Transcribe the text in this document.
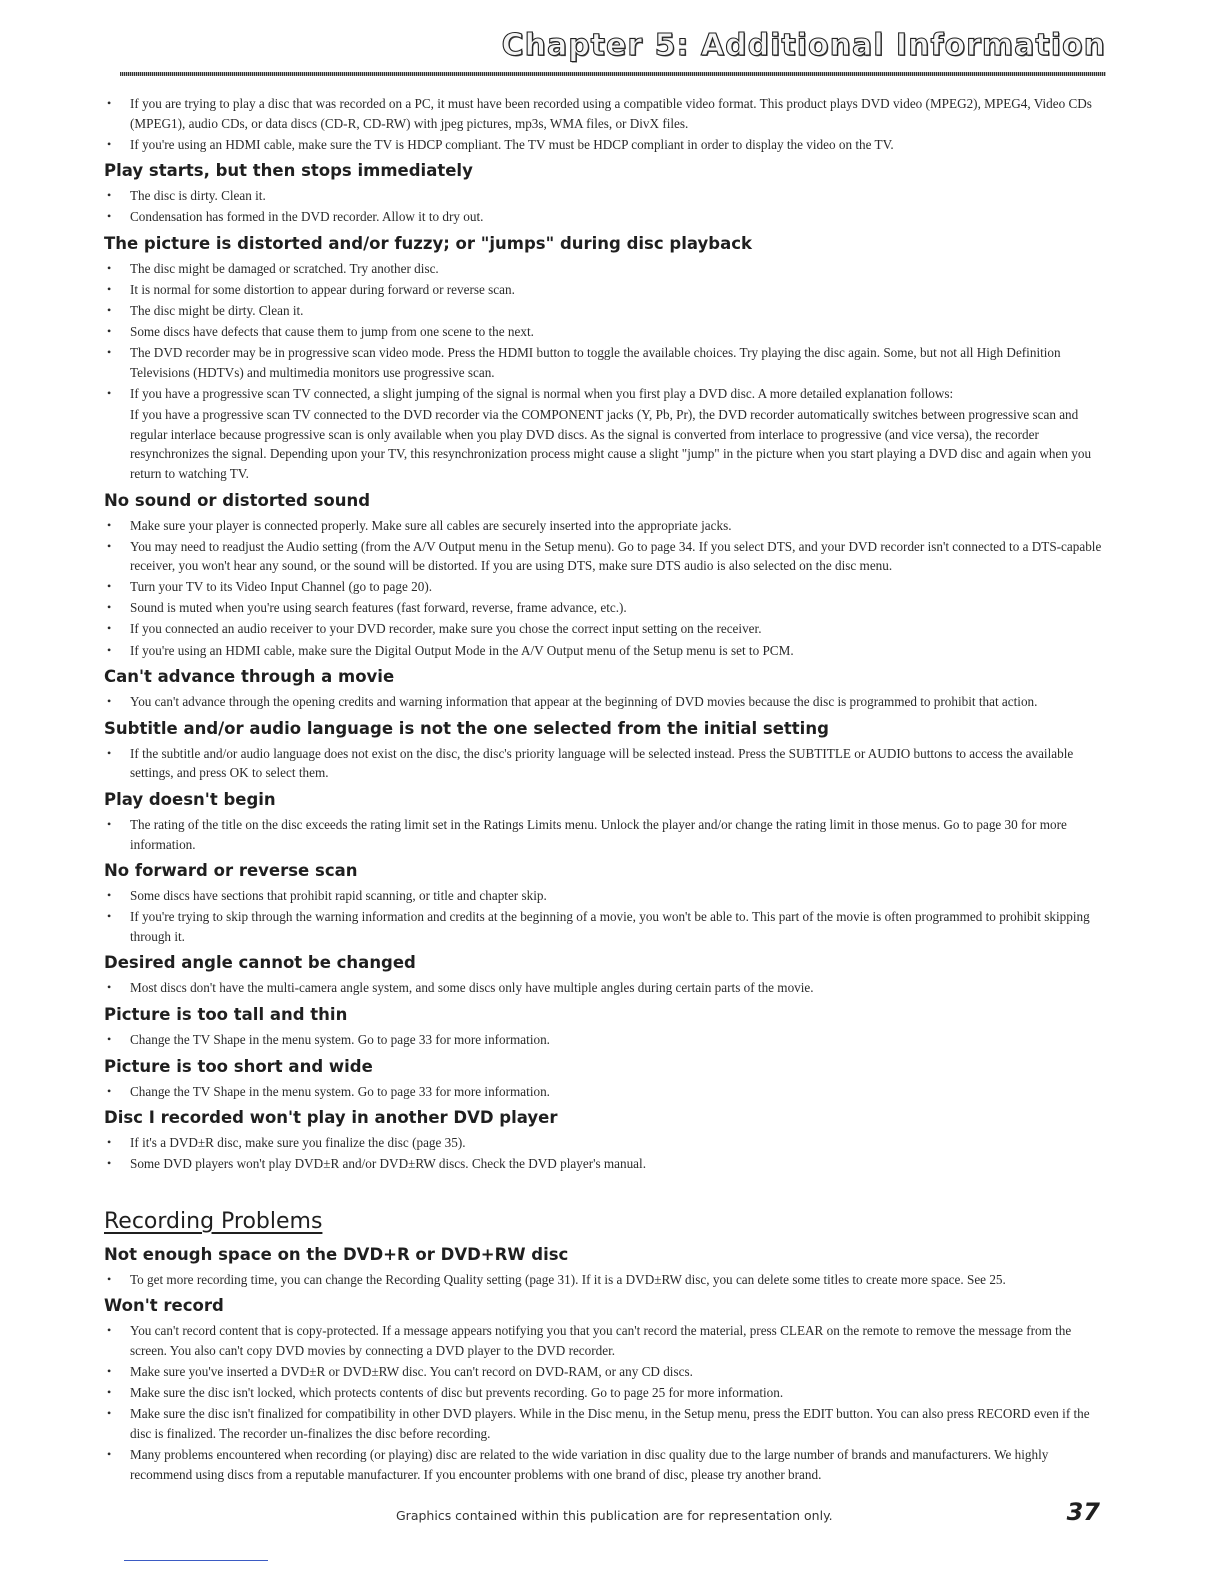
Chapter 5: Additional Information
• If you are trying to play a disc that was recorded on a PC, it must have been recorded using a compatible video format. This product plays DVD video (MPEG2), MPEG4, Video CDs (MPEG1), audio CDs, or data discs (CD-R, CD-RW) with jpeg pictures, mp3s, WMA files, or DivX files.
• If you're using an HDMI cable, make sure the TV is HDCP compliant. The TV must be HDCP compliant in order to display the video on the TV.
Play starts, but then stops immediately
• The disc is dirty. Clean it.
• Condensation has formed in the DVD recorder. Allow it to dry out.
The picture is distorted and/or fuzzy; or "jumps" during disc playback
• The disc might be damaged or scratched. Try another disc.
• It is normal for some distortion to appear during forward or reverse scan.
• The disc might be dirty. Clean it.
• Some discs have defects that cause them to jump from one scene to the next.
• The DVD recorder may be in progressive scan video mode. Press the HDMI button to toggle the available choices. Try playing the disc again. Some, but not all High Definition Televisions (HDTVs) and multimedia monitors use progressive scan.
• If you have a progressive scan TV connected, a slight jumping of the signal is normal when you first play a DVD disc. A more detailed explanation follows:
If you have a progressive scan TV connected to the DVD recorder via the COMPONENT jacks (Y, Pb, Pr), the DVD recorder automatically switches between progressive scan and regular interlace because progressive scan is only available when you play DVD discs. As the signal is converted from interlace to progressive (and vice versa), the recorder resynchronizes the signal. Depending upon your TV, this resynchronization process might cause a slight "jump" in the picture when you start playing a DVD disc and again when you return to watching TV.
No sound or distorted sound
• Make sure your player is connected properly. Make sure all cables are securely inserted into the appropriate jacks.
• You may need to readjust the Audio setting (from the A/V Output menu in the Setup menu). Go to page 34. If you select DTS, and your DVD recorder isn't connected to a DTS-capable receiver, you won't hear any sound, or the sound will be distorted. If you are using DTS, make sure DTS audio is also selected on the disc menu.
• Turn your TV to its Video Input Channel (go to page 20).
• Sound is muted when you're using search features (fast forward, reverse, frame advance, etc.).
• If you connected an audio receiver to your DVD recorder, make sure you chose the correct input setting on the receiver.
• If you're using an HDMI cable, make sure the Digital Output Mode in the A/V Output menu of the Setup menu is set to PCM.
Can't advance through a movie
• You can't advance through the opening credits and warning information that appear at the beginning of DVD movies because the disc is programmed to prohibit that action.
Subtitle and/or audio language is not the one selected from the initial setting
• If the subtitle and/or audio language does not exist on the disc, the disc's priority language will be selected instead. Press the SUBTITLE or AUDIO buttons to access the available settings, and press OK to select them.
Play doesn't begin
• The rating of the title on the disc exceeds the rating limit set in the Ratings Limits menu. Unlock the player and/or change the rating limit in those menus. Go to page 30 for more information.
No forward or reverse scan
• Some discs have sections that prohibit rapid scanning, or title and chapter skip.
• If you're trying to skip through the warning information and credits at the beginning of a movie, you won't be able to. This part of the movie is often programmed to prohibit skipping through it.
Desired angle cannot be changed
• Most discs don't have the multi-camera angle system, and some discs only have multiple angles during certain parts of the movie.
Picture is too tall and thin
• Change the TV Shape in the menu system. Go to page 33 for more information.
Picture is too short and wide
• Change the TV Shape in the menu system. Go to page 33 for more information.
Disc I recorded won't play in another DVD player
• If it's a DVD±R disc, make sure you finalize the disc (page 35).
• Some DVD players won't play DVD±R and/or DVD±RW discs. Check the DVD player's manual.
Recording Problems
Not enough space on the DVD+R or DVD+RW disc
• To get more recording time, you can change the Recording Quality setting (page 31). If it is a DVD±RW disc, you can delete some titles to create more space. See 25.
Won't record
• You can't record content that is copy-protected. If a message appears notifying you that you can't record the material, press CLEAR on the remote to remove the message from the screen. You also can't copy DVD movies by connecting a DVD player to the DVD recorder.
• Make sure you've inserted a DVD±R or DVD±RW disc. You can't record on DVD-RAM, or any CD discs.
• Make sure the disc isn't locked, which protects contents of disc but prevents recording. Go to page 25 for more information.
• Make sure the disc isn't finalized for compatibility in other DVD players. While in the Disc menu, in the Setup menu, press the EDIT button. You can also press RECORD even if the disc is finalized. The recorder un-finalizes the disc before recording.
• Many problems encountered when recording (or playing) disc are related to the wide variation in disc quality due to the large number of brands and manufacturers. We highly recommend using discs from a reputable manufacturer. If you encounter problems with one brand of disc, please try another brand.
Graphics contained within this publication are for representation only.	37
